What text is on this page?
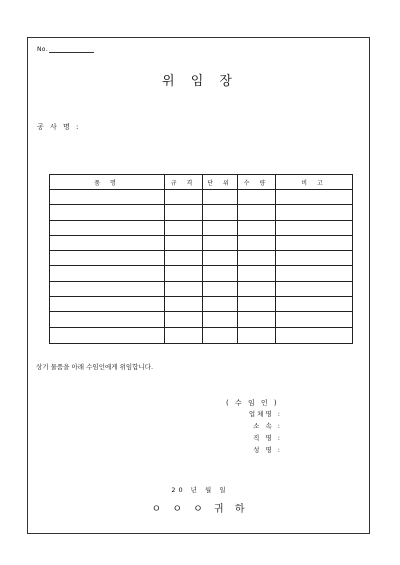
No.
위 임 장
공 사 명 :
품 명	규 격	단 위	수 량	비 고

상기 물품을 아래 수임인에게 위임합니다.
( 수 임 인 )
업체명 :
소 속 :
직 명 :
성 명 :
20 년 월 일
ㅇ ㅇ ㅇ 귀 하
